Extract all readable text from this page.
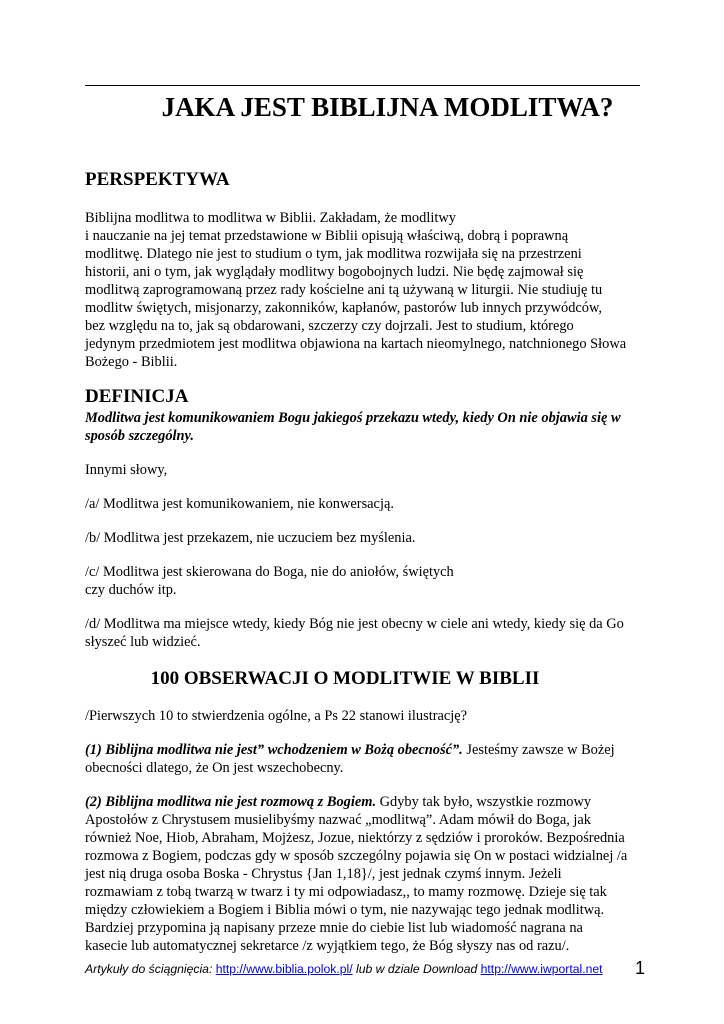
JAKA JEST BIBLIJNA MODLITWA?
PERSPEKTYWA

Biblijna modlitwa to modlitwa w Biblii. Zakładam, że modlitwy
i nauczanie na jej temat przedstawione w Biblii opisują właściwą, dobrą i poprawną
modlitwę. Dlatego nie jest to studium o tym, jak modlitwa rozwijała się na przestrzeni
historii, ani o tym, jak wyglądały modlitwy bogobojnych ludzi. Nie będę zajmował się
modlitwą zaprogramowaną przez rady kościelne ani tą używaną w liturgii. Nie studiuję tu
modlitw świętych, misjonarzy, zakonników, kapłanów, pastorów lub innych przywódców,
bez względu na to, jak są obdarowani, szczerzy czy dojrzali. Jest to studium, którego
jedynym przedmiotem jest modlitwa objawiona na kartach nieomylnego, natchnionego Słowa
Bożego - Biblii.

DEFINICJA

Modlitwa jest komunikowaniem Bogu jakiegoś przekazu wtedy, kiedy On nie objawia się w
sposób szczególny.

Innymi słowy,

/a/ Modlitwa jest komunikowaniem, nie konwersacją.

/b/ Modlitwa jest przekazem, nie uczuciem bez myślenia.

/c/ Modlitwa jest skierowana do Boga, nie do aniołów, świętych
czy duchów itp.

/d/ Modlitwa ma miejsce wtedy, kiedy Bóg nie jest obecny w ciele ani wtedy, kiedy się da Go
słyszeć lub widzieć.

100 OBSERWACJI O MODLITWIE W BIBLII

/Pierwszych 10 to stwierdzenia ogólne, a Ps 22 stanowi ilustrację?

(1) Biblijna modlitwa nie jest” wchodzeniem w Bożą obecność”. Jesteśmy zawsze w Bożej
obecności dlatego, że On jest wszechobecny.

(2) Biblijna modlitwa nie jest rozmową z Bogiem. Gdyby tak było, wszystkie rozmowy
Apostołów z Chrystusem musielibyśmy nazwać „modlitwą”. Adam mówił do Boga, jak
również Noe, Hiob, Abraham, Mojżesz, Jozue, niektórzy z sędziów i proroków. Bezpośrednia
rozmowa z Bogiem, podczas gdy w sposób szczególny pojawia się On w postaci widzialnej /a
jest nią druga osoba Boska - Chrystus {Jan 1,18}/, jest jednak czymś innym. Jeżeli
rozmawiam z tobą twarzą w twarz i ty mi odpowiadasz,, to mamy rozmowę. Dzieje się tak
między człowiekiem a Bogiem i Biblia mówi o tym, nie nazywając tego jednak modlitwą.
Bardziej przypomina ją napisany przeze mnie do ciebie list lub wiadomość nagrana na
kasecie lub automatycznej sekretarce /z wyjątkiem tego, że Bóg słyszy nas od razu/.

Artykuły do ściągnięcia: http://www.biblia.polok.pl/ lub w dziale Download http://www.iwportal.net 1
